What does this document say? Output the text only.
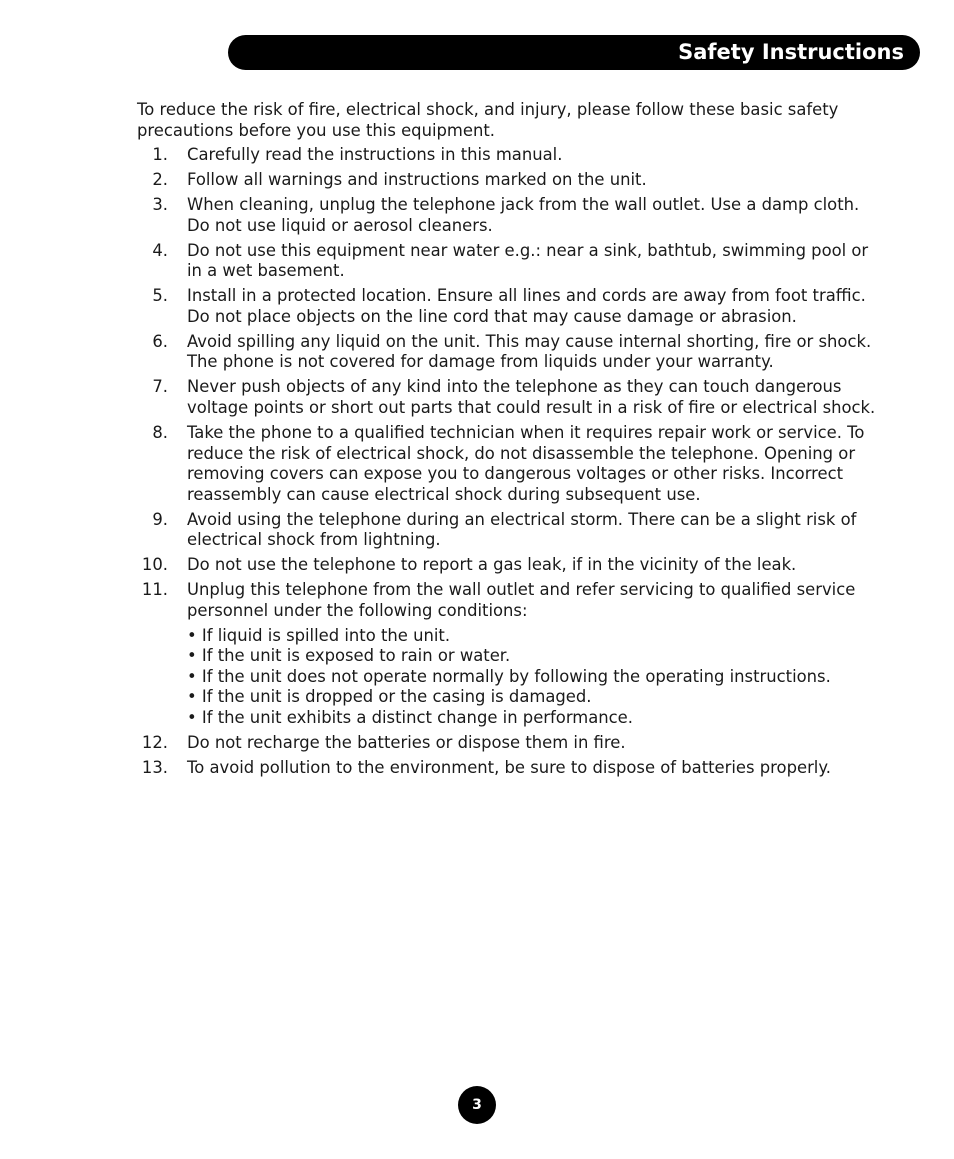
Safety Instructions

To reduce the risk of fire, electrical shock, and injury, please follow these basic safety precautions before you use this equipment.

1. Carefully read the instructions in this manual.
2. Follow all warnings and instructions marked on the unit.
3. When cleaning, unplug the telephone jack from the wall outlet. Use a damp cloth. Do not use liquid or aerosol cleaners.
4. Do not use this equipment near water e.g.: near a sink, bathtub, swimming pool or in a wet basement.
5. Install in a protected location. Ensure all lines and cords are away from foot traffic. Do not place objects on the line cord that may cause damage or abrasion.
6. Avoid spilling any liquid on the unit. This may cause internal shorting, fire or shock. The phone is not covered for damage from liquids under your warranty.
7. Never push objects of any kind into the telephone as they can touch dangerous voltage points or short out parts that could result in a risk of fire or electrical shock.
8. Take the phone to a qualified technician when it requires repair work or service. To reduce the risk of electrical shock, do not disassemble the telephone. Opening or removing covers can expose you to dangerous voltages or other risks. Incorrect reassembly can cause electrical shock during subsequent use.
9. Avoid using the telephone during an electrical storm. There can be a slight risk of electrical shock from lightning.
10. Do not use the telephone to report a gas leak, if in the vicinity of the leak.
11. Unplug this telephone from the wall outlet and refer servicing to qualified service personnel under the following conditions:
• If liquid is spilled into the unit.
• If the unit is exposed to rain or water.
• If the unit does not operate normally by following the operating instructions.
• If the unit is dropped or the casing is damaged.
• If the unit exhibits a distinct change in performance.
12. Do not recharge the batteries or dispose them in fire.
13. To avoid pollution to the environment, be sure to dispose of batteries properly.
3
